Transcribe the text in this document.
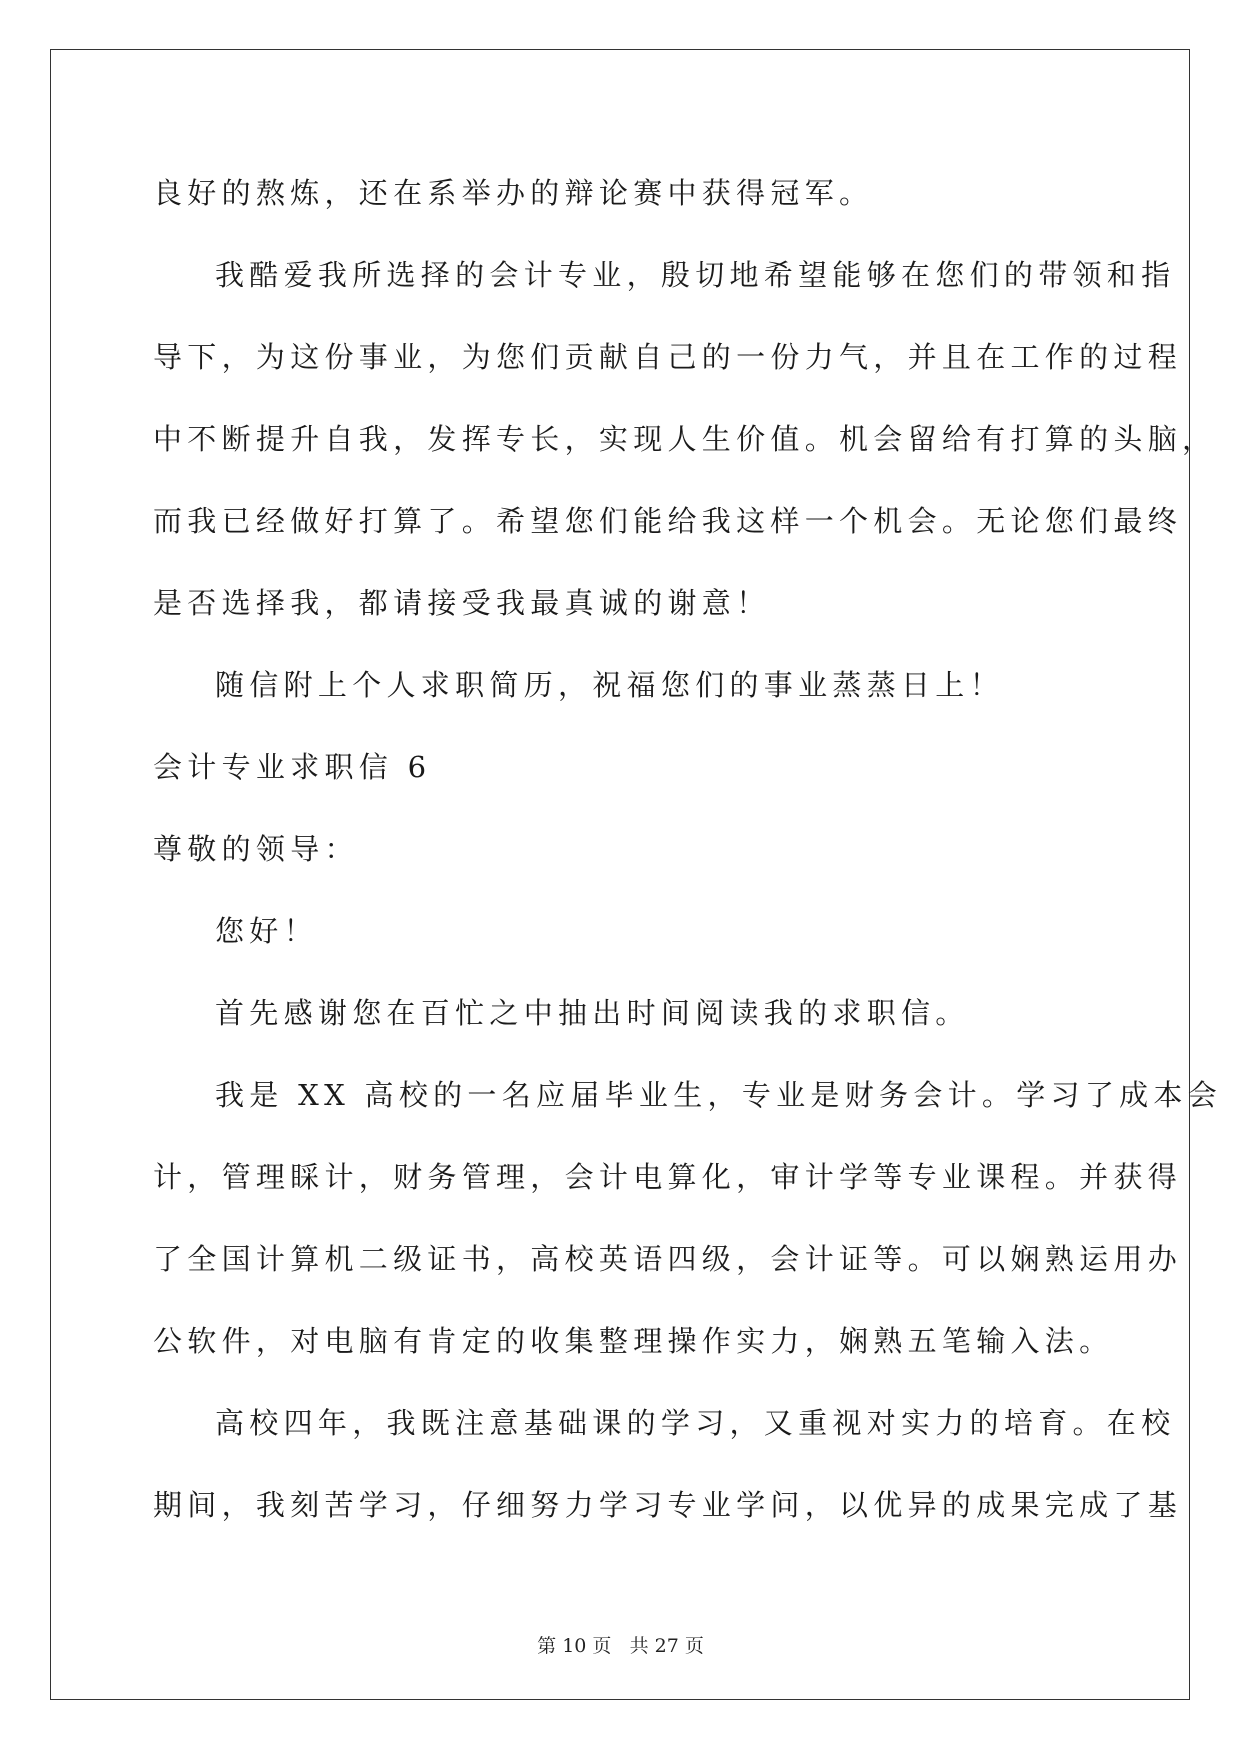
良好的熬炼，还在系举办的辩论赛中获得冠军。
我酷爱我所选择的会计专业，殷切地希望能够在您们的带领和指
导下，为这份事业，为您们贡献自己的一份力气，并且在工作的过程
中不断提升自我，发挥专长，实现人生价值。机会留给有打算的头脑，
而我已经做好打算了。希望您们能给我这样一个机会。无论您们最终
是否选择我，都请接受我最真诚的谢意！
随信附上个人求职简历，祝福您们的事业蒸蒸日上！
会计专业求职信 6
尊敬的领导：
您好！
首先感谢您在百忙之中抽出时间阅读我的求职信。
我是 XX 高校的一名应届毕业生，专业是财务会计。学习了成本会
计，管理睬计，财务管理，会计电算化，审计学等专业课程。并获得
了全国计算机二级证书，高校英语四级，会计证等。可以娴熟运用办
公软件，对电脑有肯定的收集整理操作实力，娴熟五笔输入法。
高校四年，我既注意基础课的学习，又重视对实力的培育。在校
期间，我刻苦学习，仔细努力学习专业学问，以优异的成果完成了基
第 10 页 共 27 页
